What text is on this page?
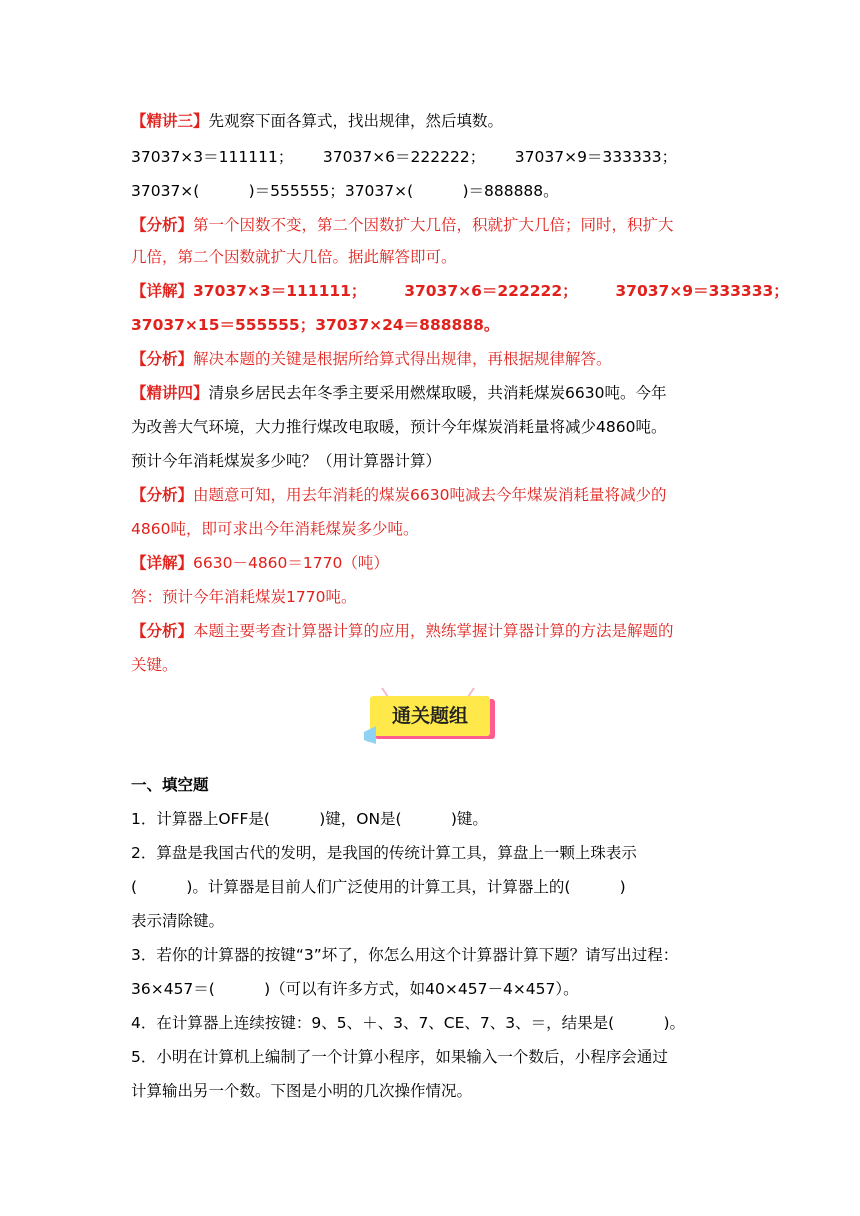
【精讲三】先观察下面各算式，找出规律，然后填数。
37037×3＝111111；      37037×6＝222222；      37037×9＝333333；
37037×(          )＝555555；37037×(          )＝888888。
【分析】第一个因数不变，第二个因数扩大几倍，积就扩大几倍；同时，积扩大
几倍，第二个因数就扩大几倍。据此解答即可。
【详解】37037×3＝111111；       37037×6＝222222；       37037×9＝333333；
37037×15＝555555；37037×24＝888888。
【分析】解决本题的关键是根据所给算式得出规律，再根据规律解答。
【精讲四】清泉乡居民去年冬季主要采用燃煤取暖，共消耗煤炭6630吨。今年
为改善大气环境，大力推行煤改电取暖，预计今年煤炭消耗量将减少4860吨。
预计今年消耗煤炭多少吨？（用计算器计算）
【分析】由题意可知，用去年消耗的煤炭6630吨减去今年煤炭消耗量将减少的
4860吨，即可求出今年消耗煤炭多少吨。
【详解】6630－4860＝1770（吨）
答：预计今年消耗煤炭1770吨。
【分析】本题主要考查计算器计算的应用，熟练掌握计算器计算的方法是解题的
关键。
一、填空题
1．计算器上OFF是(          )键，ON是(          )键。
2．算盘是我国古代的发明，是我国的传统计算工具，算盘上一颗上珠表示
(          )。计算器是目前人们广泛使用的计算工具，计算器上的(          )
表示清除键。
3．若你的计算器的按键“3”坏了，你怎么用这个计算器计算下题？请写出过程：
36×457＝(          )（可以有许多方式，如40×457－4×457）。
4．在计算器上连续按键：9、5、＋、3、7、CE、7、3、＝，结果是(          )。
5．小明在计算机上编制了一个计算小程序，如果输入一个数后，小程序会通过
计算输出另一个数。下图是小明的几次操作情况。
通关题组
